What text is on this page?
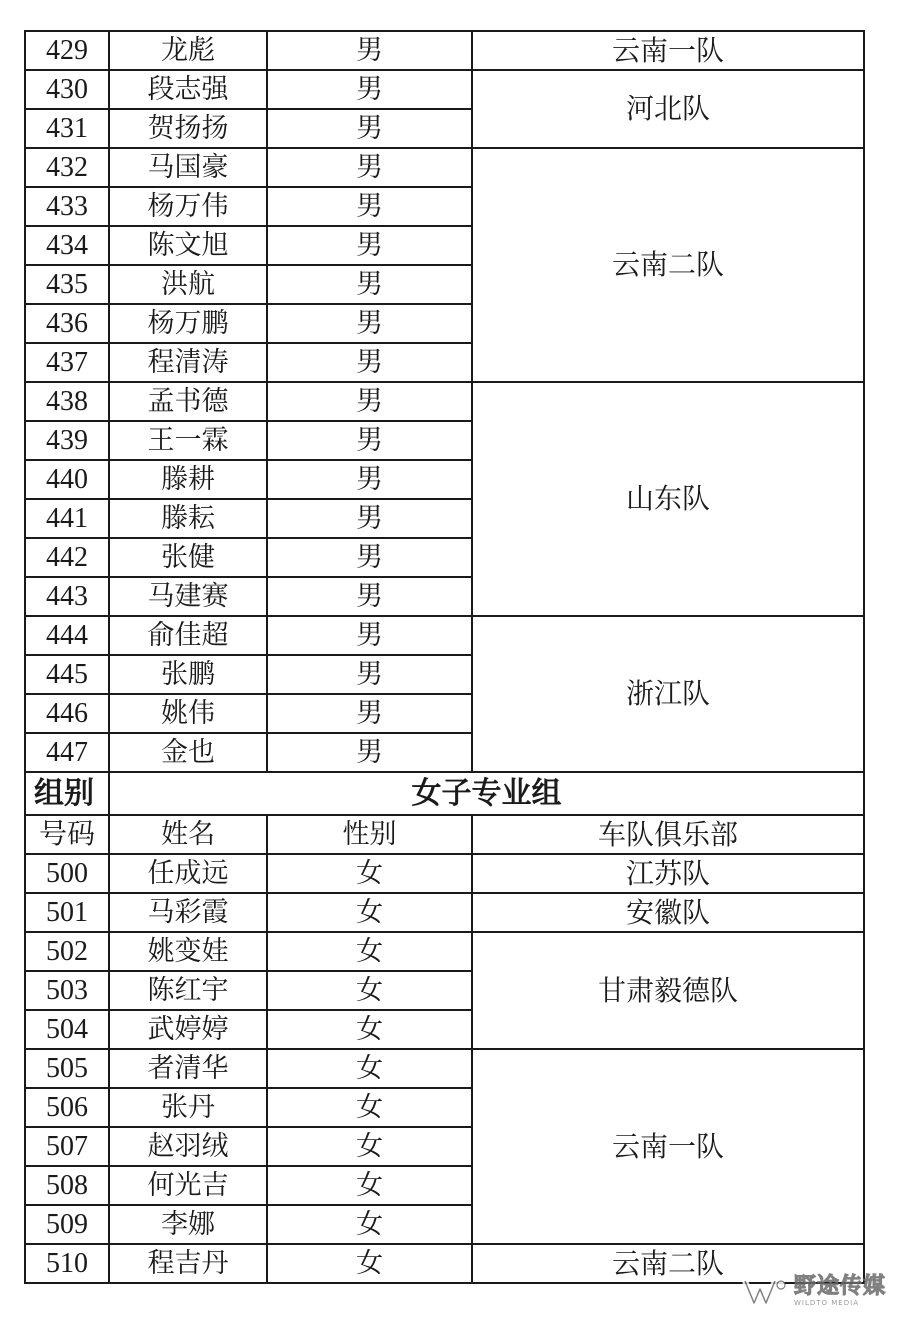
429	龙彪	男	云南一队
430	段志强	男	河北队
431	贺扬扬	男	
432	马国豪	男	云南二队
433	杨万伟	男	
434	陈文旭	男	
435	洪航	男	
436	杨万鹏	男	
437	程清涛	男	
438	孟书德	男	山东队
439	王一霖	男	
440	滕耕	男	
441	滕耘	男	
442	张健	男	
443	马建赛	男	
444	俞佳超	男	浙江队
445	张鹏	男	
446	姚伟	男	
447	金也	男	
组别	女子专业组		
号码	姓名	性别	车队俱乐部
500	任成远	女	江苏队
501	马彩霞	女	安徽队
502	姚变娃	女	甘肃毅德队
503	陈红宇	女	
504	武婷婷	女	
505	者清华	女	云南一队
506	张丹	女	
507	赵羽绒	女	
508	何光吉	女	
509	李娜	女	
510	程吉丹	女	云南二队
野途传媒
WILDTO MEDIA
